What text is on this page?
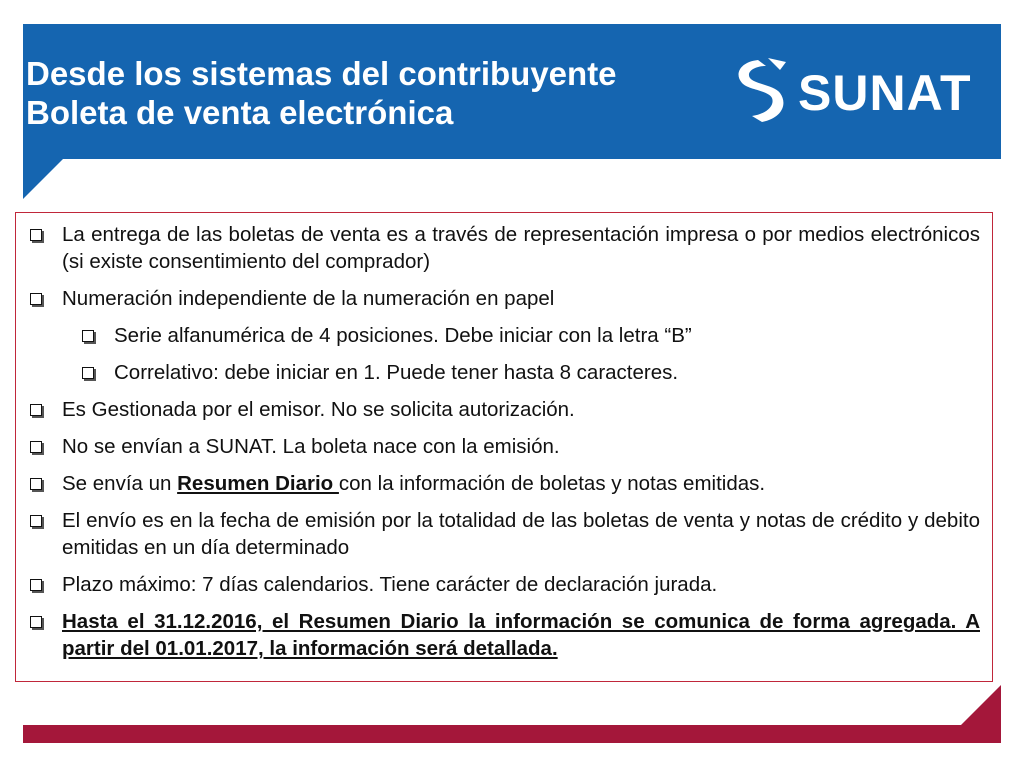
Desde los sistemas del contribuyente
Boleta de venta electrónica	SUNAT
La entrega de las boletas de venta es a través de representación impresa o por medios electrónicos (si existe consentimiento del comprador)
Numeración independiente de la numeración en papel
Serie alfanumérica de 4 posiciones. Debe iniciar con la letra “B”
Correlativo: debe iniciar en 1. Puede tener hasta 8 caracteres.
Es Gestionada por el emisor. No se solicita autorización.
No se envían a SUNAT. La boleta nace con la emisión.
Se envía un Resumen Diario con la información de boletas y notas emitidas.
El envío es en la fecha de emisión por la totalidad de las boletas de venta y notas de crédito y debito emitidas en un día determinado
Plazo máximo: 7 días calendarios. Tiene carácter de declaración jurada.
Hasta el 31.12.2016, el Resumen Diario la información se comunica de forma agregada. A partir del 01.01.2017, la información será detallada.
